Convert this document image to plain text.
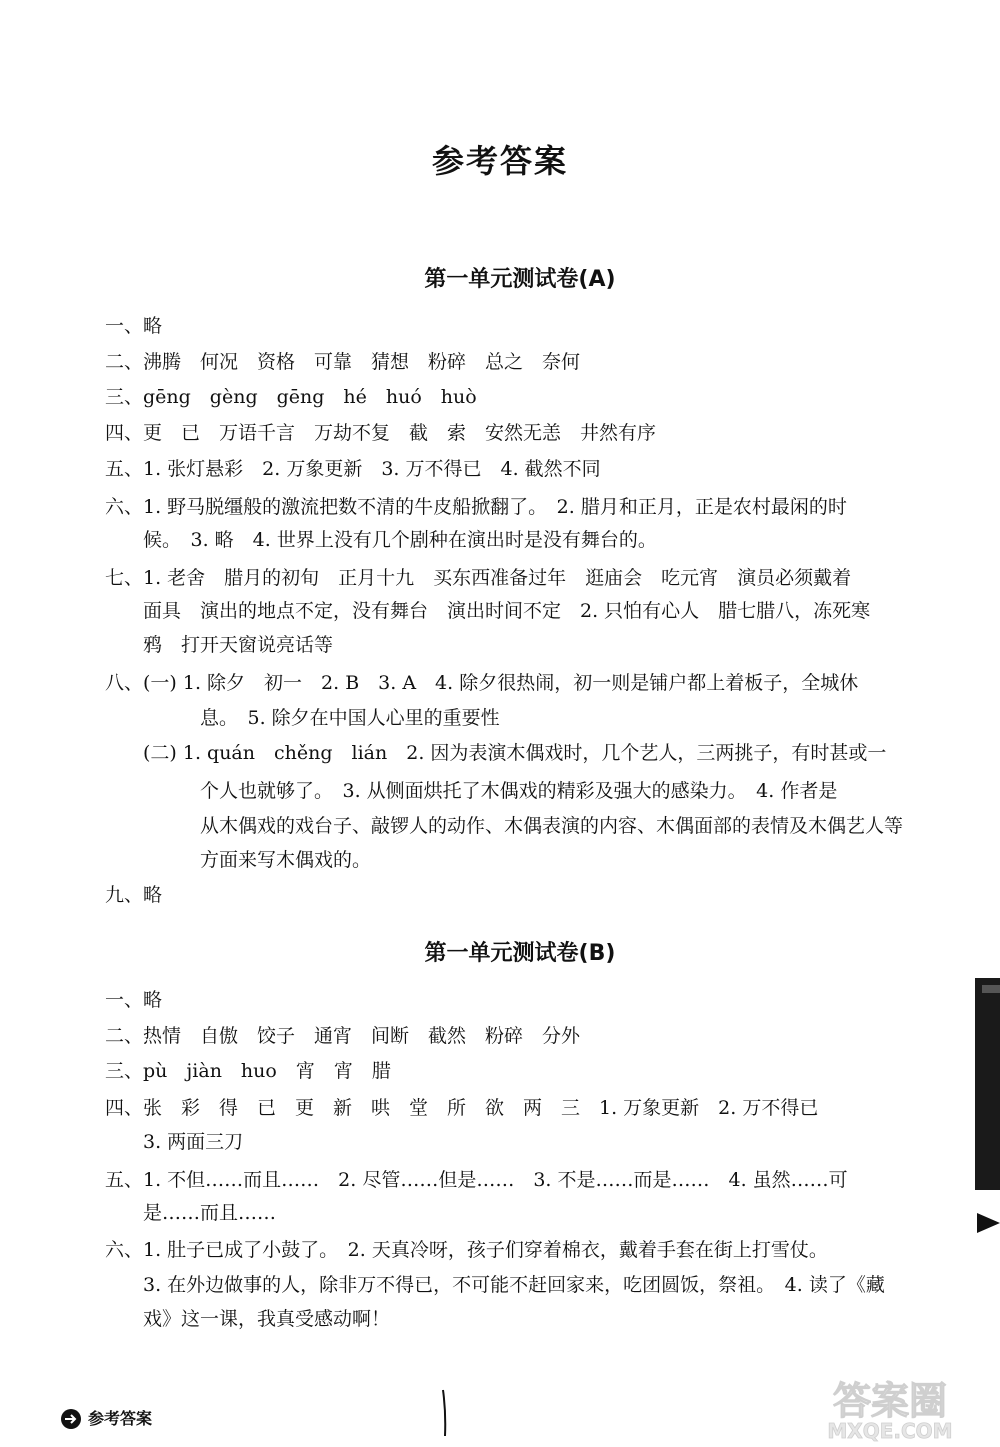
参考答案
第一单元测试卷(A)
一、略
二、沸腾　何况　资格　可靠　猜想　粉碎　总之　奈何
三、gēng　gèng　gēng　hé　huó　huò
四、更　已　万语千言　万劫不复　截　索　安然无恙　井然有序
五、1. 张灯悬彩　2. 万象更新　3. 万不得已　4. 截然不同
六、1. 野马脱缰般的激流把数不清的牛皮船掀翻了。　2. 腊月和正月，正是农村最闲的时
候。　3. 略　4. 世界上没有几个剧种在演出时是没有舞台的。
七、1. 老舍　腊月的初旬　正月十九　买东西准备过年　逛庙会　吃元宵　演员必须戴着
面具　演出的地点不定，没有舞台　演出时间不定　2. 只怕有心人　腊七腊八，冻死寒
鸦　打开天窗说亮话等
八、(一) 1. 除夕　初一　2. B　3. A　4. 除夕很热闹，初一则是铺户都上着板子，全城休
息。　5. 除夕在中国人心里的重要性
(二) 1. quán　chěng　lián　2. 因为表演木偶戏时，几个艺人，三两挑子，有时甚或一
个人也就够了。　3. 从侧面烘托了木偶戏的精彩及强大的感染力。　4. 作者是
从木偶戏的戏台子、敲锣人的动作、木偶表演的内容、木偶面部的表情及木偶艺人等
方面来写木偶戏的。
九、略
第一单元测试卷(B)
一、略
二、热情　自傲　饺子　通宵　间断　截然　粉碎　分外
三、pù　jiàn　huo　宵　宵　腊
四、张　彩　得　已　更　新　哄　堂　所　欲　两　三　1. 万象更新　2. 万不得已
3. 两面三刀
五、1. 不但……而且……　2. 尽管……但是……　3. 不是……而是……　4. 虽然……可
是……而且……
六、1. 肚子已成了小鼓了。　2. 天真冷呀，孩子们穿着棉衣，戴着手套在街上打雪仗。
3. 在外边做事的人，除非万不得已，不可能不赶回家来，吃团圆饭，祭祖。　4. 读了《藏
戏》这一课，我真受感动啊！
参考答案	答案圈
MXQE.COM
